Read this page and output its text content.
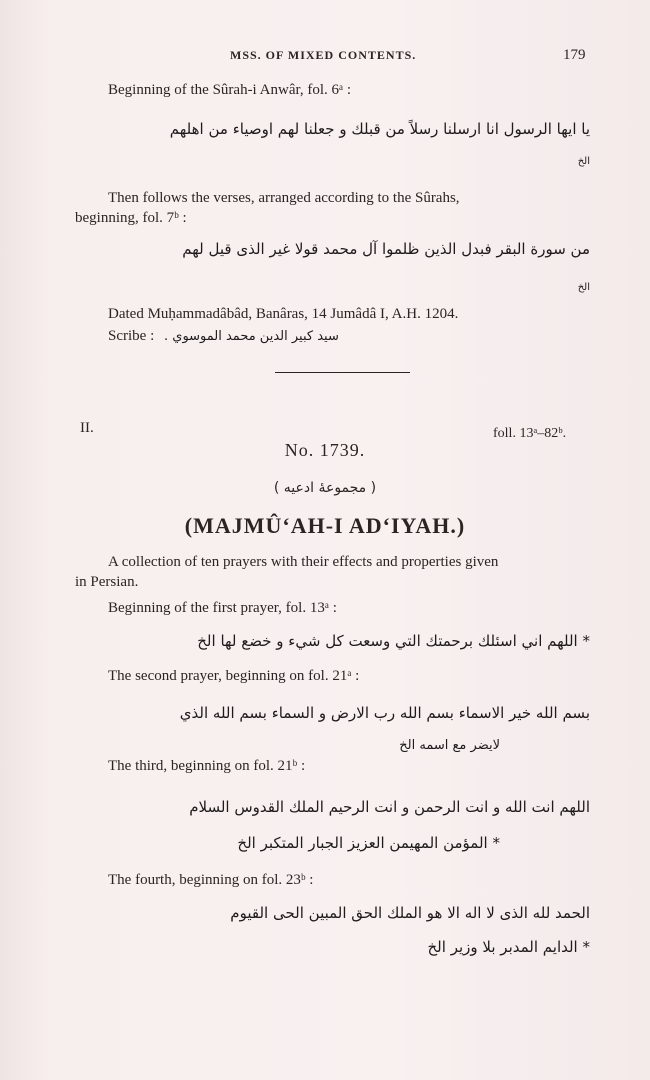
MSS. OF MIXED CONTENTS.	179
Beginning of the Sûrah-i Anwâr, fol. 6ᵃ :
يا ايها الرسول انا ارسلنا رسلاً من قبلك و جعلنا لهم اوصياء من اهلهم
الخ
Then follows the verses, arranged according to the Sûrahs,
beginning, fol. 7ᵇ :
من سورة البقر فبدل الذين ظلموا آل محمد قولا غير الذى قيل لهم
الخ
Dated Muḥammadâbâd, Banâras, 14 Jumâdâ I, A.H. 1204.
Scribe : سيد كبير الدين محمد الموسوي .
II.	foll. 13ᵃ–82ᵇ.
No. 1739.
( مجموعهٔ ادعيه )
(MAJMÛ‘AH-I AD‘IYAH.)
A collection of ten prayers with their effects and properties given
in Persian.
Beginning of the first prayer, fol. 13ᵃ :
* اللهم اني اسئلك برحمتك التي وسعت كل شيء و خضع لها الخ
The second prayer, beginning on fol. 21ᵃ :
بسم الله خير الاسماء بسم الله رب الارض و السماء بسم الله الذي
لايضر مع اسمه الخ
The third, beginning on fol. 21ᵇ :
اللهم انت الله و انت الرحمن و انت الرحيم الملك القدوس السلام
* المؤمن المهيمن العزيز الجبار المتكبر الخ
The fourth, beginning on fol. 23ᵇ :
الحمد لله الذى لا اله الا هو الملك الحق المبين الحى القيوم
* الدايم المدبر بلا وزير الخ
